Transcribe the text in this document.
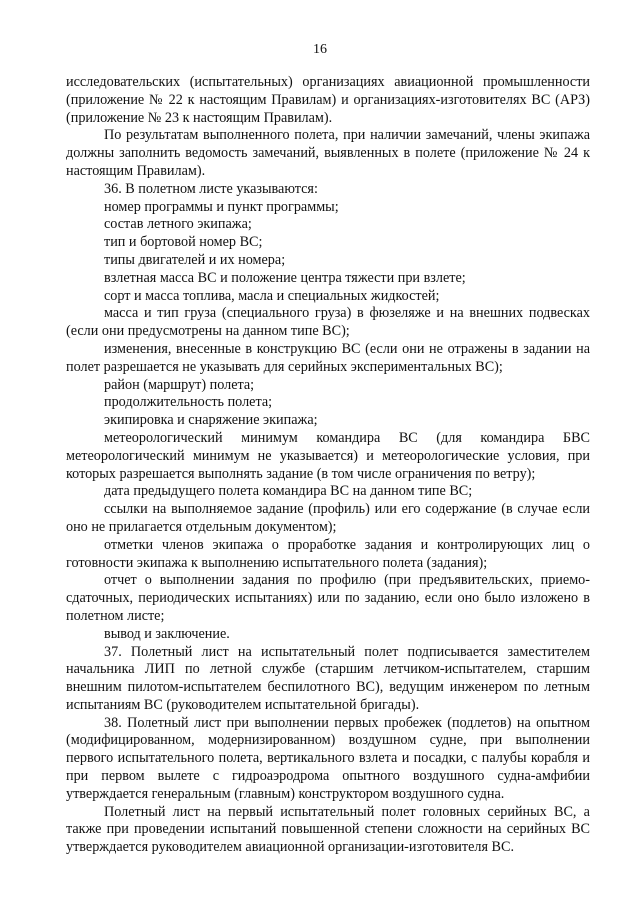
16

исследовательских (испытательных) организациях авиационной промышленности (приложение № 22 к настоящим Правилам) и организациях-изготовителях ВС (АРЗ) (приложение № 23 к настоящим Правилам).

По результатам выполненного полета, при наличии замечаний, члены экипажа должны заполнить ведомость замечаний, выявленных в полете (приложение № 24 к настоящим Правилам).

36. В полетном листе указываются:

номер программы и пункт программы;

состав летного экипажа;

тип и бортовой номер ВС;

типы двигателей и их номера;

взлетная масса ВС и положение центра тяжести при взлете;

сорт и масса топлива, масла и специальных жидкостей;

масса и тип груза (специального груза) в фюзеляже и на внешних подвесках (если они предусмотрены на данном типе ВС);

изменения, внесенные в конструкцию ВС (если они не отражены в задании на полет разрешается не указывать для серийных экспериментальных ВС);

район (маршрут) полета;

продолжительность полета;

экипировка и снаряжение экипажа;

метеорологический минимум командира ВС (для командира БВС метеорологический минимум не указывается) и метеорологические условия, при которых разрешается выполнять задание (в том числе ограничения по ветру);

дата предыдущего полета командира ВС на данном типе ВС;

ссылки на выполняемое задание (профиль) или его содержание (в случае если оно не прилагается отдельным документом);

отметки членов экипажа о проработке задания и контролирующих лиц о готовности экипажа к выполнению испытательного полета (задания);

отчет о выполнении задания по профилю (при предъявительских, приемо-сдаточных, периодических испытаниях) или по заданию, если оно было изложено в полетном листе;

вывод и заключение.

37. Полетный лист на испытательный полет подписывается заместителем начальника ЛИП по летной службе (старшим летчиком-испытателем, старшим внешним пилотом-испытателем беспилотного ВС), ведущим инженером по летным испытаниям ВС (руководителем испытательной бригады).

38. Полетный лист при выполнении первых пробежек (подлетов) на опытном (модифицированном, модернизированном) воздушном судне, при выполнении первого испытательного полета, вертикального взлета и посадки, с палубы корабля и при первом вылете с гидроаэродрома опытного воздушного судна-амфибии утверждается генеральным (главным) конструктором воздушного судна.

Полетный лист на первый испытательный полет головных серийных ВС, а также при проведении испытаний повышенной степени сложности на серийных ВС утверждается руководителем авиационной организации-изготовителя ВС.
